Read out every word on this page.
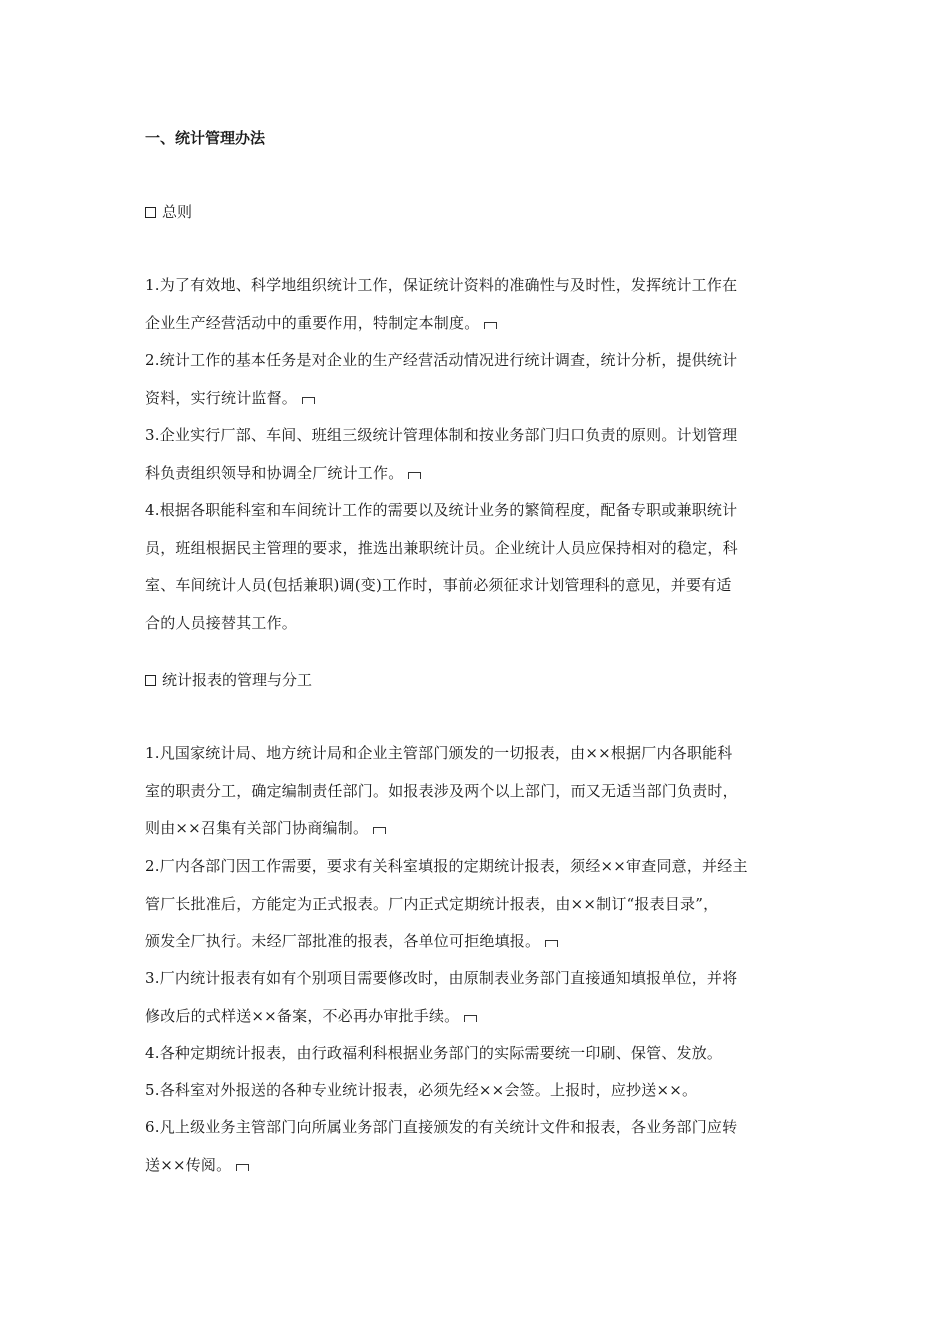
一、统计管理办法
总则
1.为了有效地、科学地组织统计工作，保证统计资料的准确性与及时性，发挥统计工作在
企业生产经营活动中的重要作用，特制定本制度。
2.统计工作的基本任务是对企业的生产经营活动情况进行统计调查，统计分析，提供统计
资料，实行统计监督。
3.企业实行厂部、车间、班组三级统计管理体制和按业务部门归口负责的原则。计划管理
科负责组织领导和协调全厂统计工作。
4.根据各职能科室和车间统计工作的需要以及统计业务的繁简程度，配备专职或兼职统计
员，班组根据民主管理的要求，推选出兼职统计员。企业统计人员应保持相对的稳定，科
室、车间统计人员(包括兼职)调(变)工作时，事前必须征求计划管理科的意见，并要有适
合的人员接替其工作。
统计报表的管理与分工
1.凡国家统计局、地方统计局和企业主管部门颁发的一切报表，由××根据厂内各职能科
室的职责分工，确定编制责任部门。如报表涉及两个以上部门，而又无适当部门负责时，
则由××召集有关部门协商编制。
2.厂内各部门因工作需要，要求有关科室填报的定期统计报表，须经××审查同意，并经主
管厂长批准后，方能定为正式报表。厂内正式定期统计报表，由××制订“报表目录”，
颁发全厂执行。未经厂部批准的报表，各单位可拒绝填报。
3.厂内统计报表有如有个别项目需要修改时，由原制表业务部门直接通知填报单位，并将
修改后的式样送××备案，不必再办审批手续。
4.各种定期统计报表，由行政福利科根据业务部门的实际需要统一印刷、保管、发放。
5.各科室对外报送的各种专业统计报表，必须先经××会签。上报时，应抄送××。
6.凡上级业务主管部门向所属业务部门直接颁发的有关统计文件和报表，各业务部门应转
送××传阅。
